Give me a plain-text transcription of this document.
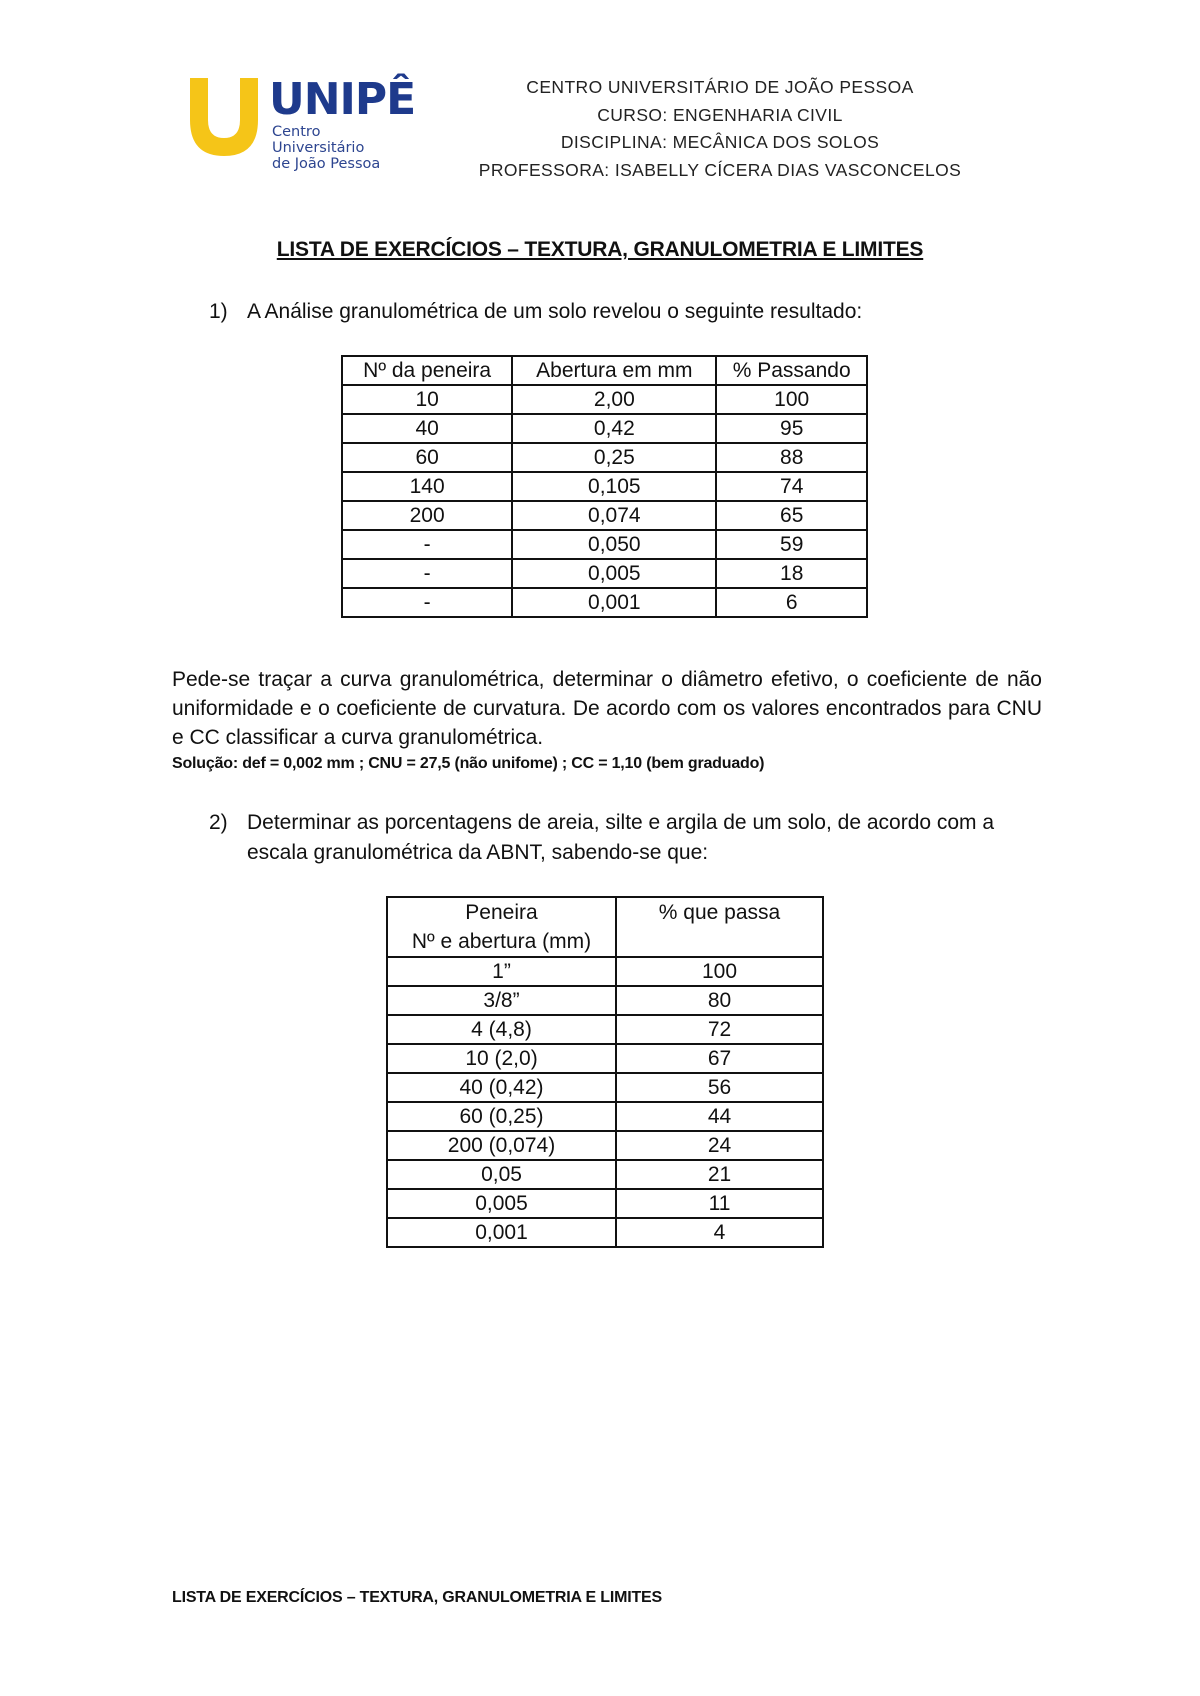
UNIPÊ
Centro Universitário
de João Pessoa
CENTRO UNIVERSITÁRIO DE JOÃO PESSOA
CURSO: ENGENHARIA CIVIL
DISCIPLINA: MECÂNICA DOS SOLOS
PROFESSORA: ISABELLY CÍCERA DIAS VASCONCELOS
LISTA DE EXERCÍCIOS – TEXTURA, GRANULOMETRIA E LIMITES
1) A Análise granulométrica de um solo revelou o seguinte resultado:
Nº da peneira	Abertura em mm	% Passando
10	2,00	100
40	0,42	95
60	0,25	88
140	0,105	74
200	0,074	65
-	0,050	59
-	0,005	18
-	0,001	6
Pede-se traçar a curva granulométrica, determinar o diâmetro efetivo, o coeficiente de não uniformidade e o coeficiente de curvatura. De acordo com os valores encontrados para CNU e CC classificar a curva granulométrica.
Solução: def = 0,002 mm ; CNU = 27,5 (não unifome) ; CC = 1,10 (bem graduado)
2) Determinar as porcentagens de areia, silte e argila de um solo, de acordo com a
escala granulométrica da ABNT, sabendo-se que:
Peneira
Nº e abertura (mm)	% que passa
1”	100
3/8”	80
4 (4,8)	72
10 (2,0)	67
40 (0,42)	56
60 (0,25)	44
200 (0,074)	24
0,05	21
0,005	11
0,001	4
LISTA DE EXERCÍCIOS – TEXTURA, GRANULOMETRIA E LIMITES
